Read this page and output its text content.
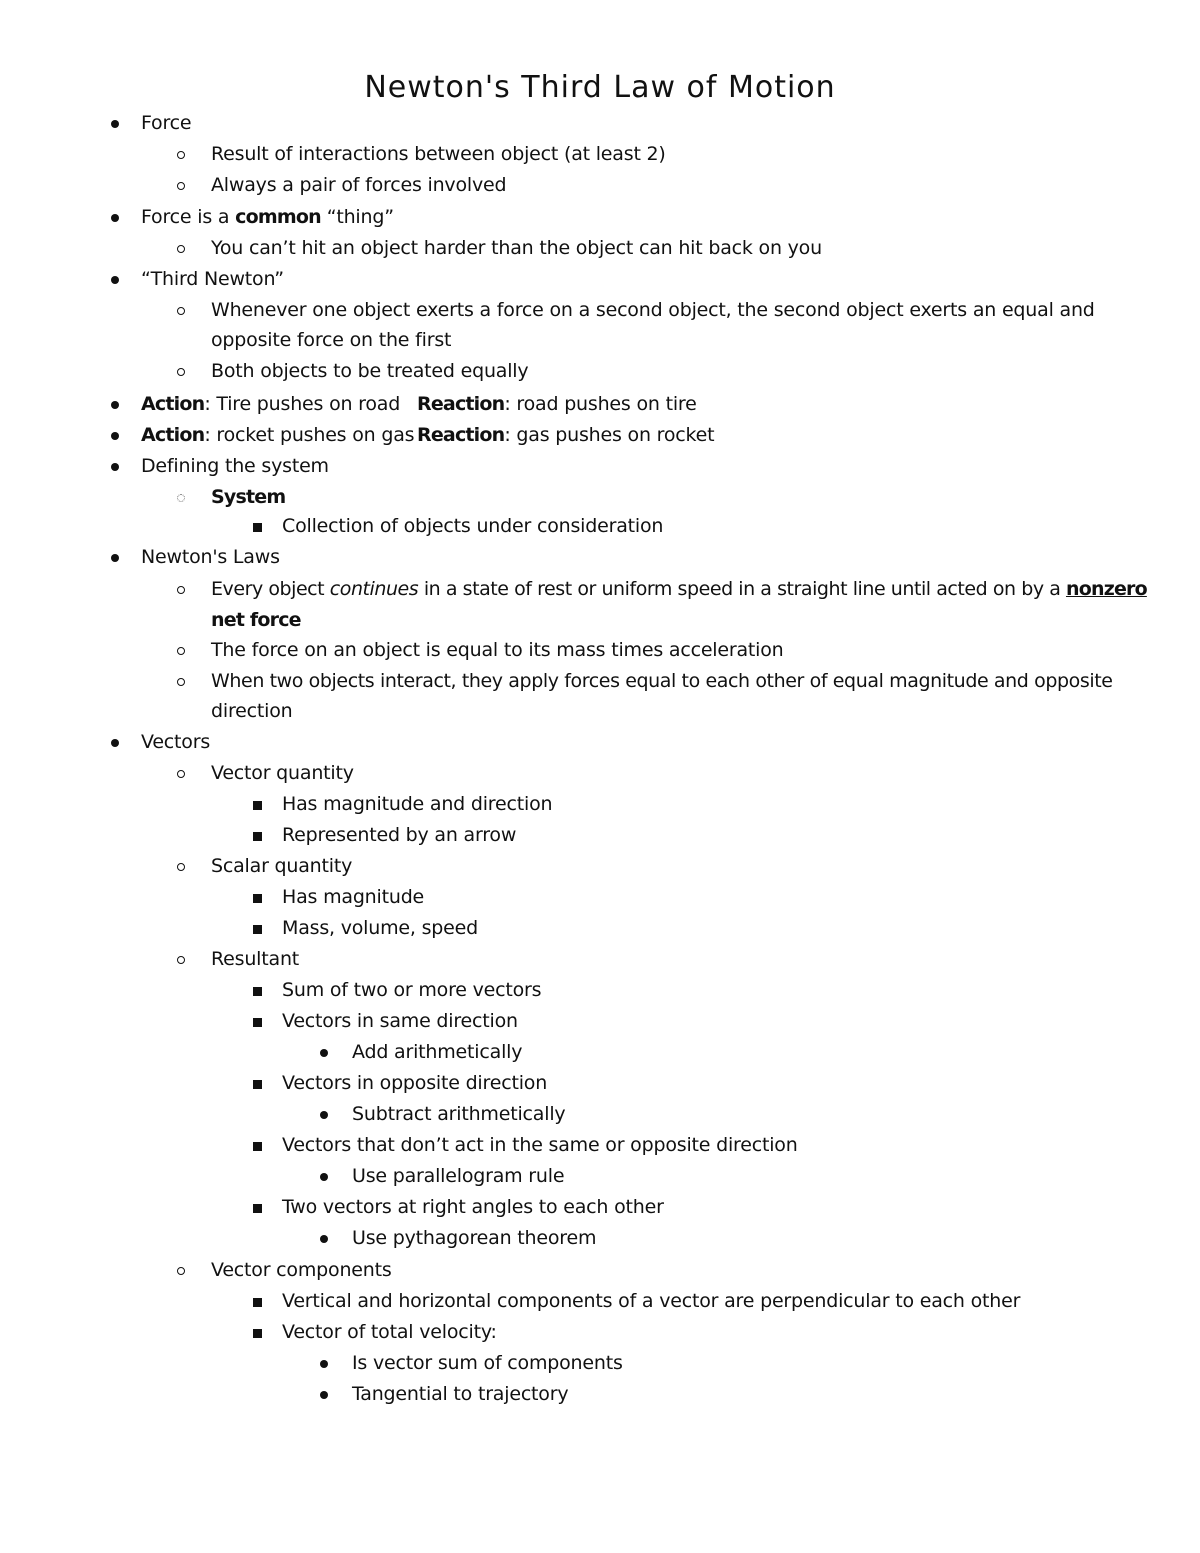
Newton's Third Law of Motion
Force
Result of interactions between object (at least 2)
Always a pair of forces involved
Force is a common “thing”
You can’t hit an object harder than the object can hit back on you
“Third Newton”
Whenever one object exerts a force on a second object, the second object exerts an equal and
opposite force on the first
Both objects to be treated equally
Action: Tire pushes on road Reaction: road pushes on tire
Action: rocket pushes on gas Reaction: gas pushes on rocket
Defining the system
System
Collection of objects under consideration
Newton's Laws
Every object continues in a state of rest or uniform speed in a straight line until acted on by a nonzero
net force
The force on an object is equal to its mass times acceleration
When two objects interact, they apply forces equal to each other of equal magnitude and opposite
direction
Vectors
Vector quantity
Has magnitude and direction
Represented by an arrow
Scalar quantity
Has magnitude
Mass, volume, speed
Resultant
Sum of two or more vectors
Vectors in same direction
Add arithmetically
Vectors in opposite direction
Subtract arithmetically
Vectors that don’t act in the same or opposite direction
Use parallelogram rule
Two vectors at right angles to each other
Use pythagorean theorem
Vector components
Vertical and horizontal components of a vector are perpendicular to each other
Vector of total velocity:
Is vector sum of components
Tangential to trajectory
